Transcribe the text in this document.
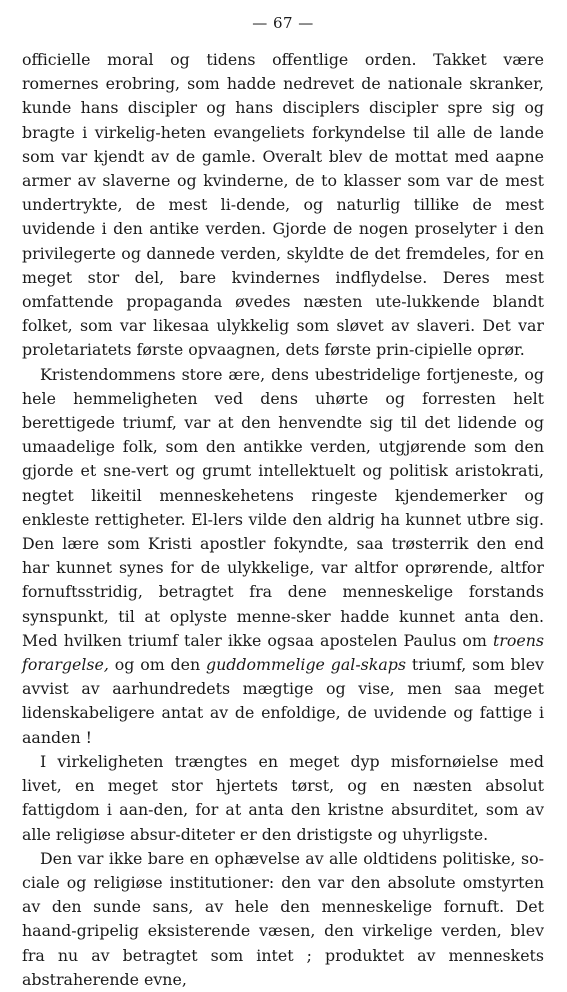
— 67 —

officielle moral og tidens offentlige orden. Takket være romernes erobring, som hadde nedrevet de nationale skranker, kunde hans discipler og hans disciplers discipler spre sig og bragte i virkelig-heten evangeliets forkyndelse til alle de lande som var kjendt av de gamle. Overalt blev de mottat med aapne armer av slaverne og kvinderne, de to klasser som var de mest undertrykte, de mest li-dende, og naturlig tillike de mest uvidende i den antike verden. Gjorde de nogen proselyter i den privilegerte og dannede verden, skyldte de det fremdeles, for en meget stor del, bare kvindernes indflydelse. Deres mest omfattende propaganda øvedes næsten ute-lukkende blandt folket, som var likesaa ulykkelig som sløvet av slaveri. Det var proletariatets første opvaagnen, dets første prin-cipielle oprør.

Kristendommens store ære, dens ubestridelige fortjeneste, og hele hemmeligheten ved dens uhørte og forresten helt berettigede triumf, var at den henvendte sig til det lidende og umaadelige folk, som den antikke verden, utgjørende som den gjorde et sne-vert og grumt intellektuelt og politisk aristokrati, negtet likeitil menneskehetens ringeste kjendemerker og enkleste rettigheter. El-lers vilde den aldrig ha kunnet utbre sig. Den lære som Kristi apostler fokyndte, saa trøsterrik den end har kunnet synes for de ulykkelige, var altfor oprørende, altfor fornuftsstridig, betragtet fra dene menneskelige forstands synspunkt, til at oplyste menne-sker hadde kunnet anta den. Med hvilken triumf taler ikke ogsaa apostelen Paulus om troens forargelse, og om den guddommelige gal-skaps triumf, som blev avvist av aarhundredets mægtige og vise, men saa meget lidenskabeligere antat av de enfoldige, de uvidende og fattige i aanden !

I virkeligheten trængtes en meget dyp misfornøielse med livet, en meget stor hjertets tørst, og en næsten absolut fattigdom i aan-den, for at anta den kristne absurditet, som av alle religiøse absur-diteter er den dristigste og uhyrligste.

Den var ikke bare en ophævelse av alle oldtidens politiske, so-ciale og religiøse institutioner: den var den absolute omstyrten av den sunde sans, av hele den menneskelige fornuft. Det haand-gripelig eksisterende væsen, den virkelige verden, blev fra nu av betragtet som intet ; produktet av menneskets abstraherende evne,
